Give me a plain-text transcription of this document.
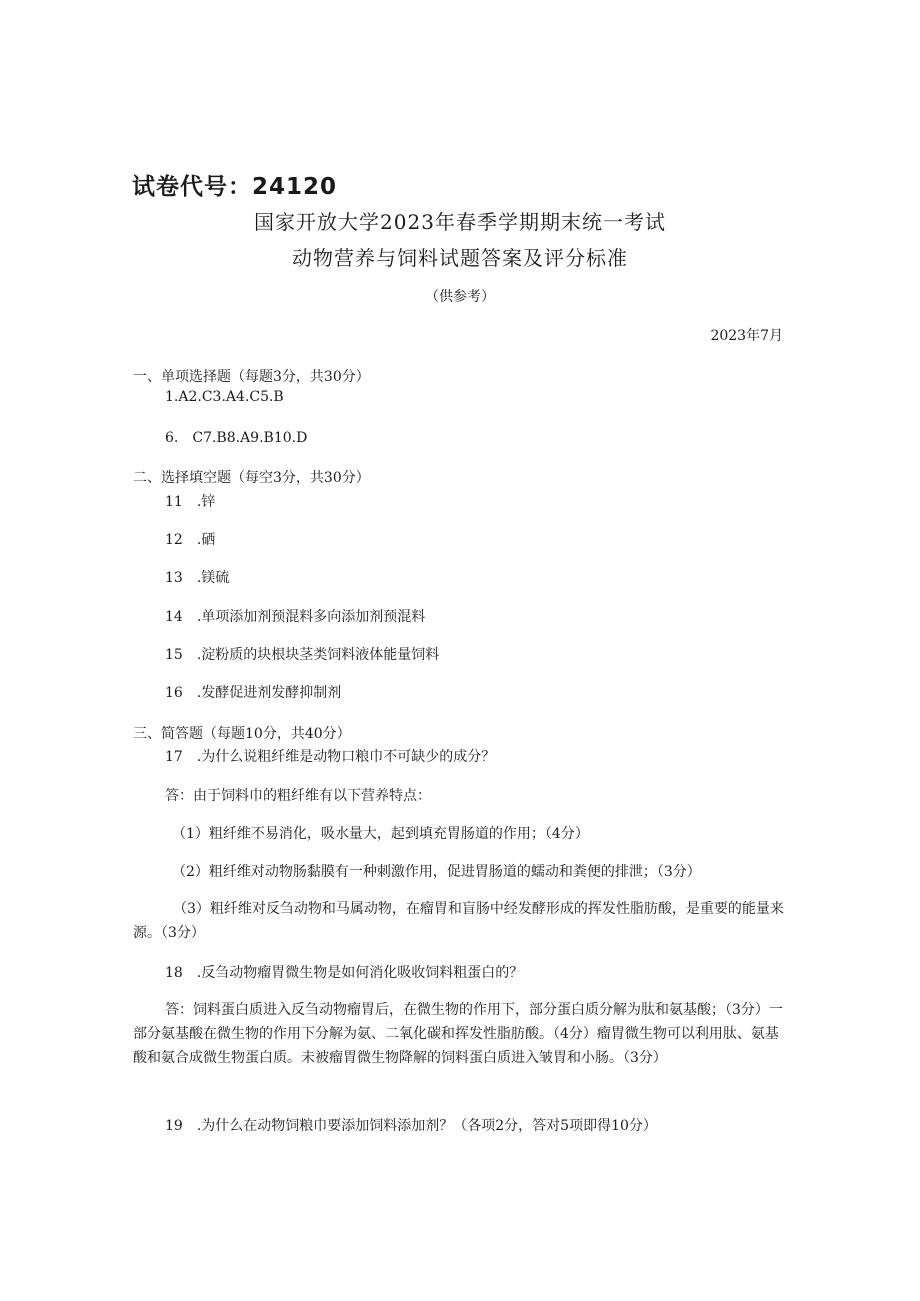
试卷代号：24120
国家开放大学2023年春季学期期末统一考试
动物营养与饲料试题答案及评分标准
（供参考）
2023年7月
一、单项选择题（每题3分，共30分）
1.A2.C3.A4.C5.B
6.　C7.B8.A9.B10.D
二、选择填空题（每空3分，共30分）
11　.锌
12　.硒
13　.镁硫
14　.单项添加剂预混料多向添加剂预混料
15　.淀粉质的块根块茎类饲料液体能量饲料
16　.发酵促进剂发酵抑制剂
三、简答题（每题10分，共40分）
17　.为什么说粗纤维是动物口粮巾不可缺少的成分？
答：由于饲料巾的粗纤维有以下营养特点：
（1）粗纤维不易消化，吸水量大，起到填充胃肠道的作用；（4分）
（2）粗纤维对动物肠黏膜有一种刺激作用，促进胃肠道的蠕动和粪便的排泄；（3分）
（3）粗纤维对反刍动物和马属动物，在瘤胃和盲肠中经发酵形成的挥发性脂肪酸，是重要的能量来源。（3分）
18　.反刍动物瘤胃微生物是如何消化吸收饲料粗蛋白的？
答：饲料蛋白质进入反刍动物瘤胃后，在微生物的作用下，部分蛋白质分解为肽和氨基酸；（3分）一部分氨基酸在微生物的作用下分解为氨、二氧化碳和挥发性脂肪酸。（4分）瘤胃微生物可以利用肽、氨基酸和氨合成微生物蛋白质。未被瘤胃微生物降解的饲料蛋白质进入皱胃和小肠。（3分）
19　.为什么在动物饲粮巾要添加饲料添加剂？（各项2分，答对5项即得10分）
